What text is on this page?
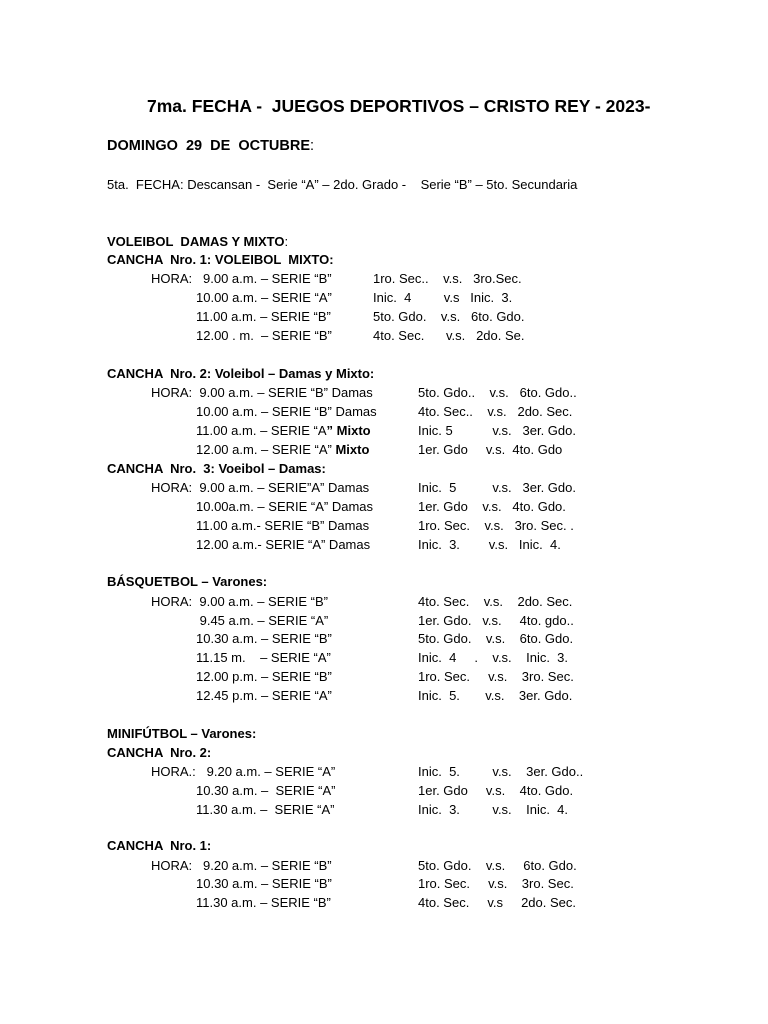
7ma. FECHA -  JUEGOS DEPORTIVOS – CRISTO REY - 2023-
DOMINGO  29  DE  OCTUBRE:
5ta.  FECHA: Descansan -  Serie “A” – 2do. Grado -    Serie “B” – 5to. Secundaria
VOLEIBOL  DAMAS Y MIXTO:
CANCHA  Nro. 1: VOLEIBOL  MIXTO:
HORA:   9.00 a.m. – SERIE “B”	1ro. Sec..    v.s.   3ro.Sec.
10.00 a.m. – SERIE “A”	Inic.  4         v.s   Inic.  3.
11.00 a.m. – SERIE “B”	5to. Gdo.    v.s.   6to. Gdo.
12.00 . m.  – SERIE “B”	4to. Sec.      v.s.   2do. Se.
CANCHA  Nro. 2: Voleibol – Damas y Mixto:
HORA:  9.00 a.m. – SERIE “B” Damas	5to. Gdo..    v.s.   6to. Gdo..
10.00 a.m. – SERIE “B” Damas	4to. Sec..    v.s.   2do. Sec.
11.00 a.m. – SERIE “A” Mixto	Inic. 5           v.s.   3er. Gdo.
12.00 a.m. – SERIE “A” Mixto	1er. Gdo     v.s.  4to. Gdo
CANCHA  Nro.  3: Voeibol – Damas:
HORA:  9.00 a.m. – SERIE”A” Damas	Inic.  5          v.s.   3er. Gdo.
10.00a.m. – SERIE “A” Damas	1er. Gdo    v.s.   4to. Gdo.
11.00 a.m.- SERIE “B” Damas	1ro. Sec.    v.s.   3ro. Sec. .
12.00 a.m.- SERIE “A” Damas	Inic.  3.        v.s.   Inic.  4.
BÁSQUETBOL – Varones:
HORA:  9.00 a.m. – SERIE “B”	4to. Sec.    v.s.    2do. Sec.
9.45 a.m. – SERIE “A”	1er. Gdo.   v.s.     4to. gdo..
10.30 a.m. – SERIE “B”	5to. Gdo.    v.s.    6to. Gdo.
11.15 m.    – SERIE “A”	Inic.  4     .    v.s.    Inic.  3.
12.00 p.m. – SERIE “B”	1ro. Sec.     v.s.    3ro. Sec.
12.45 p.m. – SERIE “A”	Inic.  5.       v.s.    3er. Gdo.
MINIFÚTBOL – Varones:
CANCHA  Nro. 2:
HORA.:   9.20 a.m. – SERIE “A”	Inic.  5.         v.s.    3er. Gdo..
10.30 a.m. –  SERIE “A”	1er. Gdo     v.s.    4to. Gdo.
11.30 a.m. –  SERIE “A”	Inic.  3.         v.s.    Inic.  4.
CANCHA  Nro. 1:
HORA:   9.20 a.m. – SERIE “B”	5to. Gdo.    v.s.     6to. Gdo.
10.30 a.m. – SERIE “B”	1ro. Sec.     v.s.    3ro. Sec.
11.30 a.m. – SERIE “B”	4to. Sec.     v.s     2do. Sec.
